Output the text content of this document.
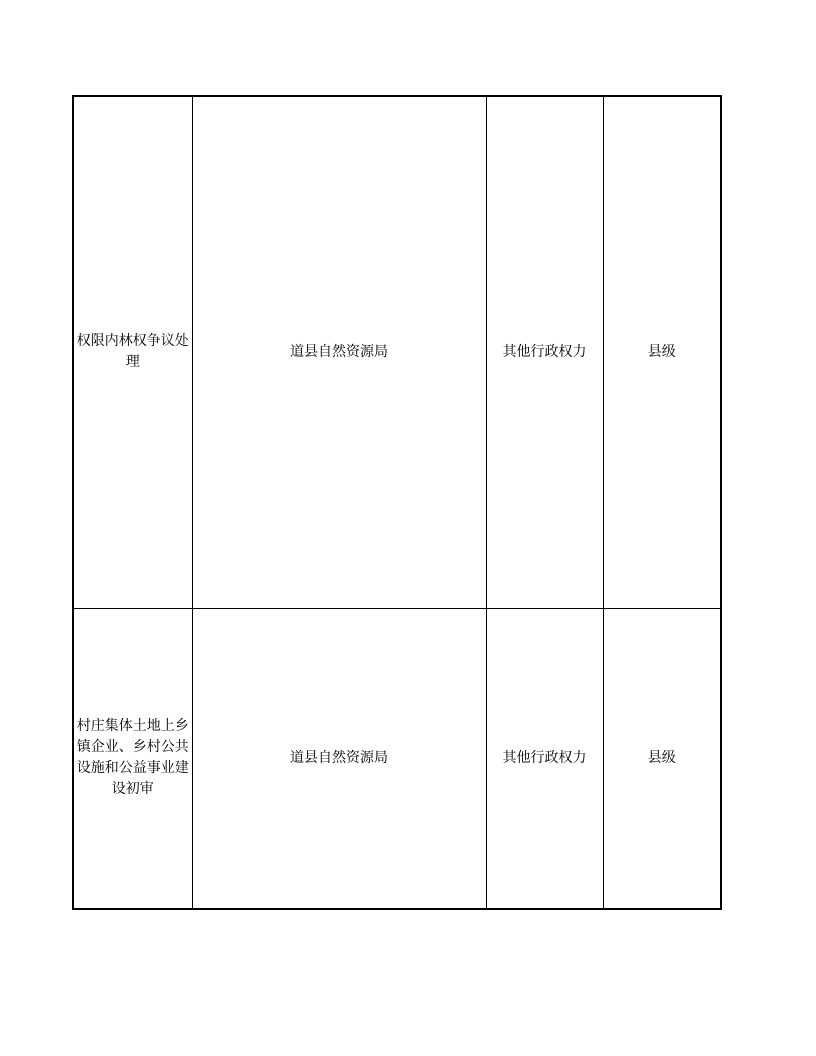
权限内林权争议处理	道县自然资源局	其他行政权力	县级
村庄集体土地上乡镇企业、乡村公共设施和公益事业建设初审	道县自然资源局	其他行政权力	县级
